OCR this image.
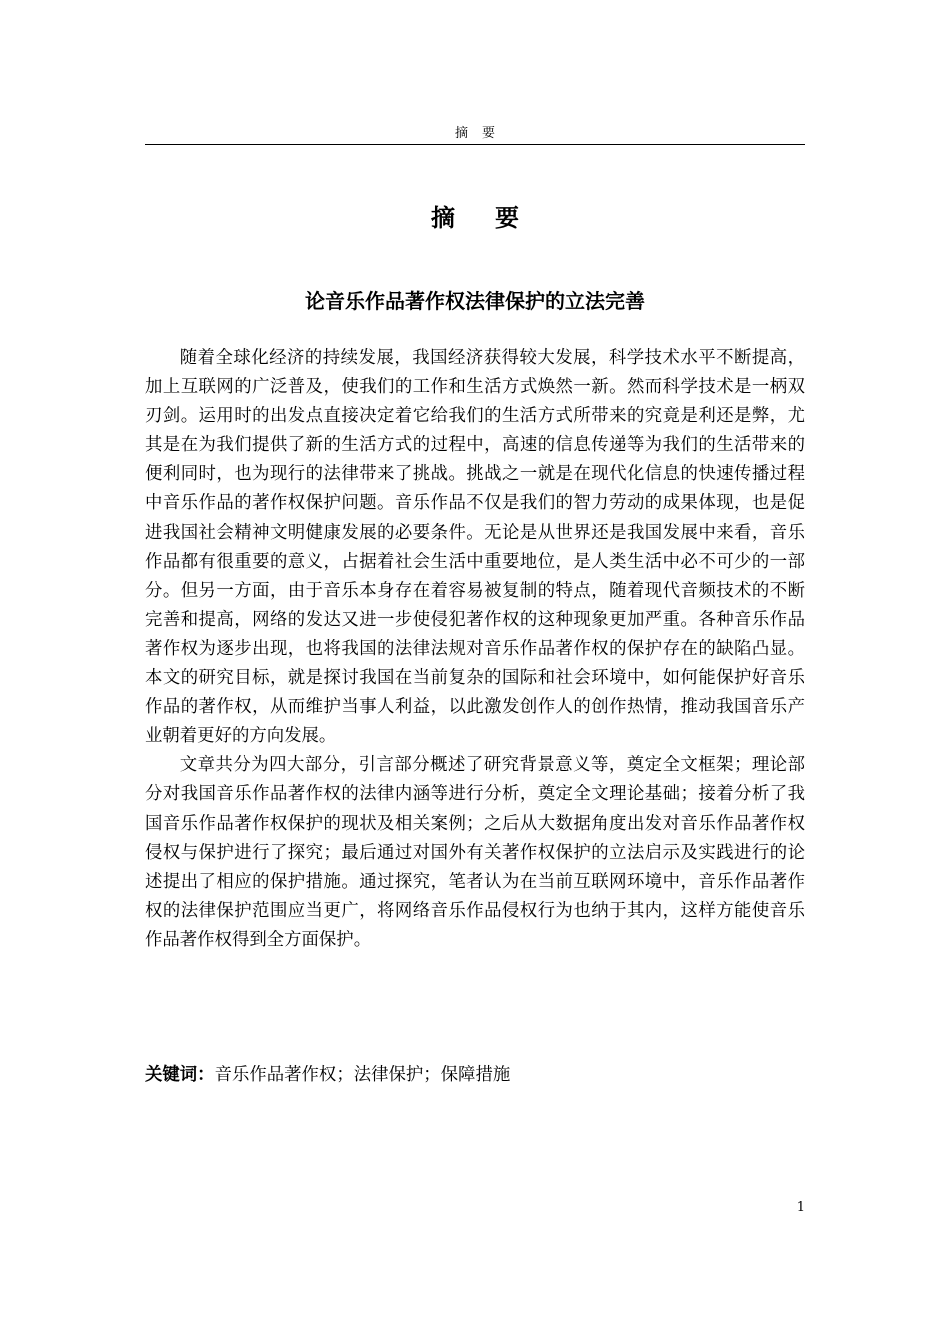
摘要
摘要
论音乐作品著作权法律保护的立法完善

随着全球化经济的持续发展，我国经济获得较大发展，科学技术水平不断提高，加上互联网的广泛普及，使我们的工作和生活方式焕然一新。然而科学技术是一柄双刃剑。运用时的出发点直接决定着它给我们的生活方式所带来的究竟是利还是弊，尤其是在为我们提供了新的生活方式的过程中，高速的信息传递等为我们的生活带来的便利同时，也为现行的法律带来了挑战。挑战之一就是在现代化信息的快速传播过程中音乐作品的著作权保护问题。音乐作品不仅是我们的智力劳动的成果体现，也是促进我国社会精神文明健康发展的必要条件。无论是从世界还是我国发展中来看，音乐作品都有很重要的意义，占据着社会生活中重要地位，是人类生活中必不可少的一部分。但另一方面，由于音乐本身存在着容易被复制的特点，随着现代音频技术的不断完善和提高，网络的发达又进一步使侵犯著作权的这种现象更加严重。各种音乐作品著作权为逐步出现，也将我国的法律法规对音乐作品著作权的保护存在的缺陷凸显。本文的研究目标，就是探讨我国在当前复杂的国际和社会环境中，如何能保护好音乐作品的著作权，从而维护当事人利益，以此激发创作人的创作热情，推动我国音乐产业朝着更好的方向发展。

文章共分为四大部分，引言部分概述了研究背景意义等，奠定全文框架；理论部分对我国音乐作品著作权的法律内涵等进行分析，奠定全文理论基础；接着分析了我国音乐作品著作权保护的现状及相关案例；之后从大数据角度出发对音乐作品著作权侵权与保护进行了探究；最后通过对国外有关著作权保护的立法启示及实践进行的论述提出了相应的保护措施。通过探究，笔者认为在当前互联网环境中，音乐作品著作权的法律保护范围应当更广，将网络音乐作品侵权行为也纳于其内，这样方能使音乐作品著作权得到全方面保护。

关键词：音乐作品著作权；法律保护；保障措施

1
